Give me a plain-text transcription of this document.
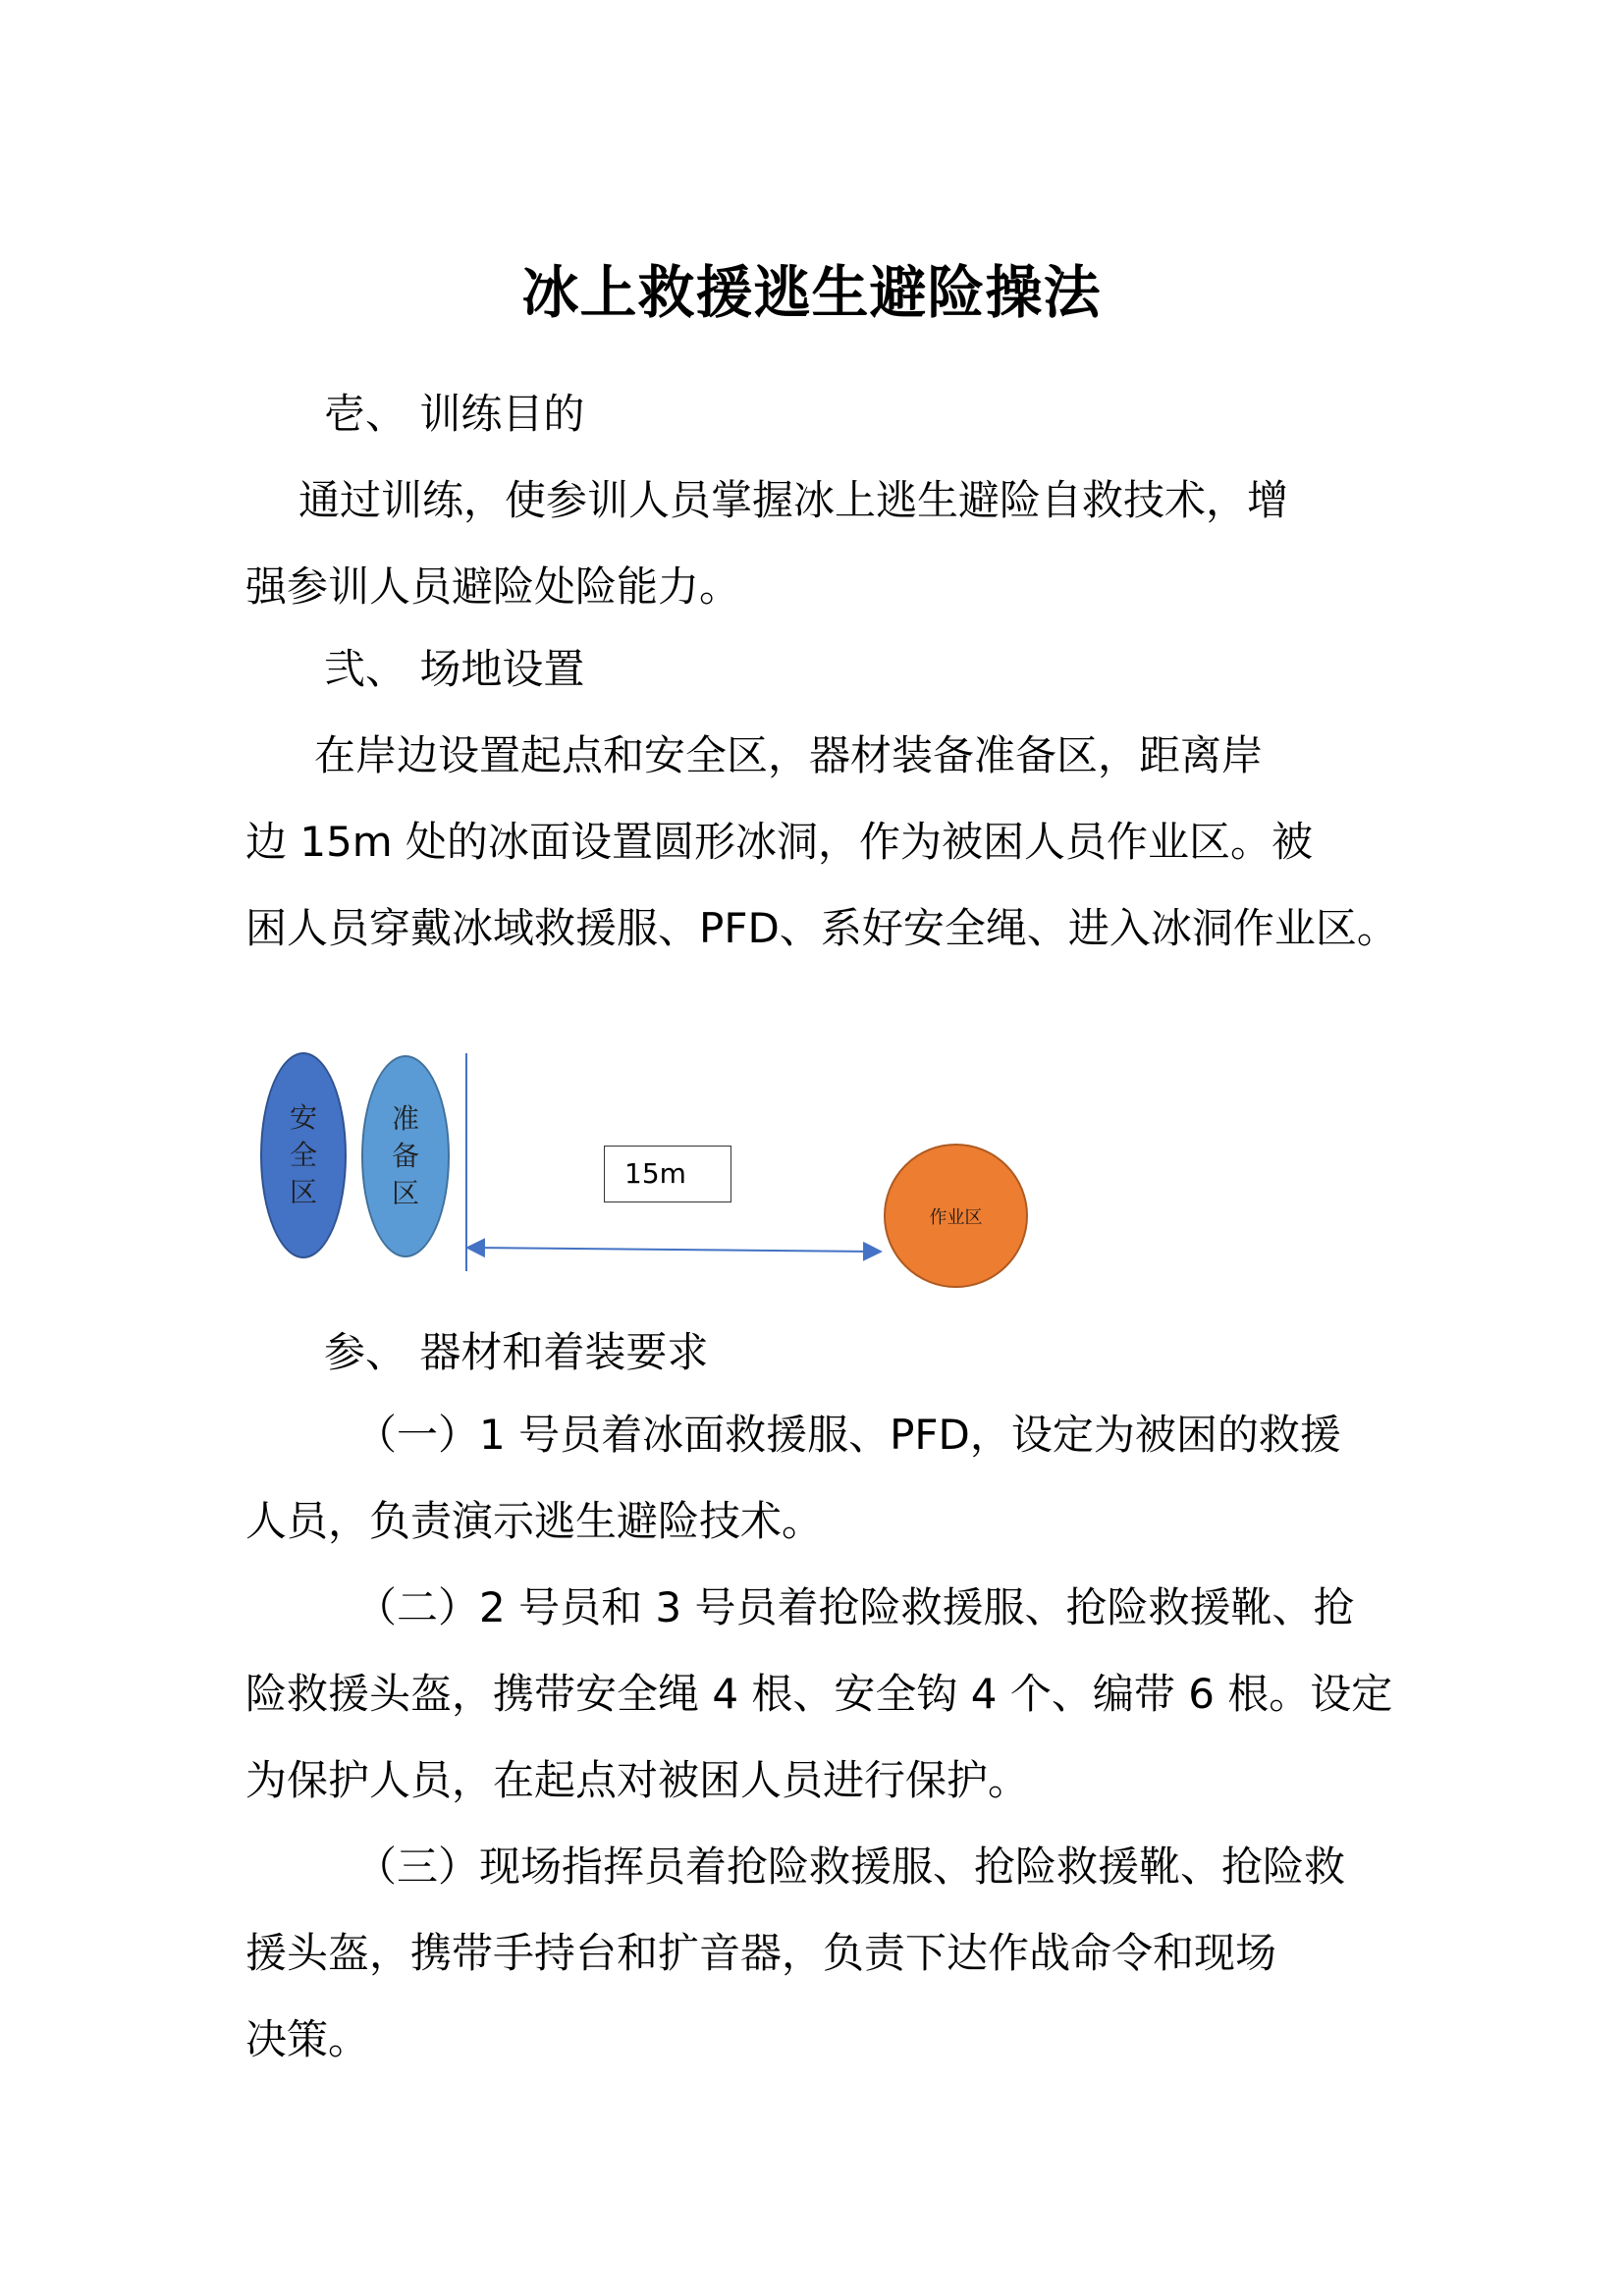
冰上救援逃生避险操法
壱、 训练目的
通过训练，使参训人员掌握冰上逃生避险自救技术，增
强参训人员避险处险能力。
弐、 场地设置
在岸边设置起点和安全区，器材装备准备区，距离岸
边 15m 处的冰面设置圆形冰洞，作为被困人员作业区。被
困人员穿戴冰域救援服、PFD、系好安全绳、进入冰洞作业区。
安全区
准备区
15m
作业区
参、 器材和着装要求
（一）1 号员着冰面救援服、PFD，设定为被困的救援
人员，负责演示逃生避险技术。
（二）2 号员和 3 号员着抢险救援服、抢险救援靴、抢
险救援头盔，携带安全绳 4 根、安全钩 4 个、编带 6 根。设定
为保护人员，在起点对被困人员进行保护。
（三）现场指挥员着抢险救援服、抢险救援靴、抢险救
援头盔，携带手持台和扩音器，负责下达作战命令和现场
决策。
